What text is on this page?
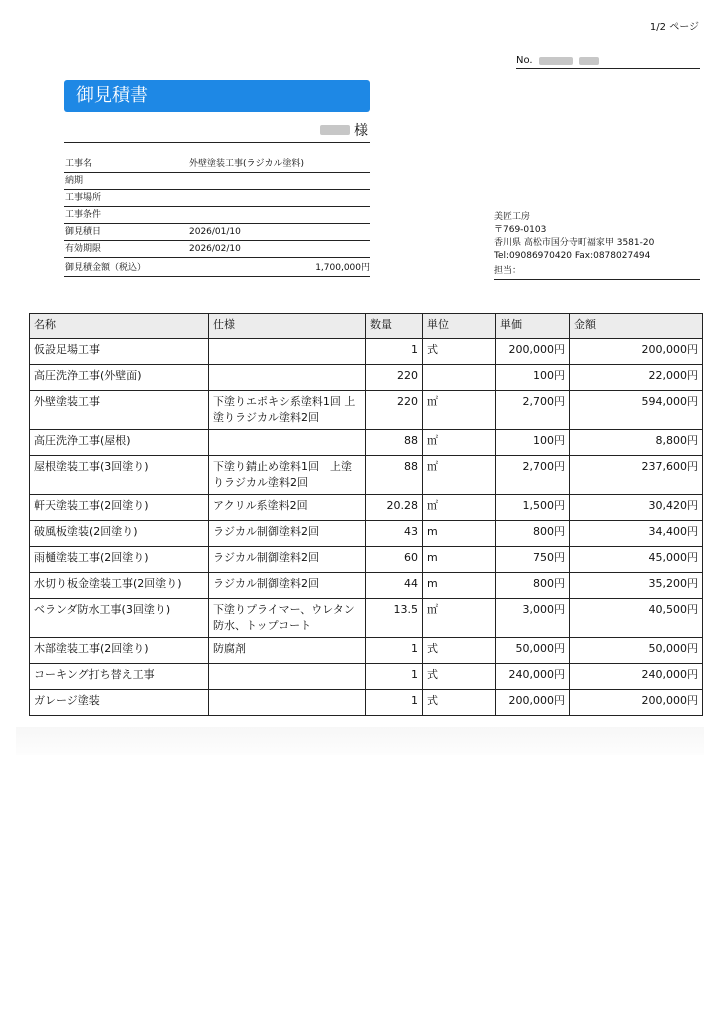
1/2 ページ
No.
御見積書
様
工事名	外壁塗装工事(ラジカル塗料)
納期
工事場所
工事条件
御見積日	2026/01/10
有効期限	2026/02/10
御見積金額（税込）	1,700,000円
美匠工房
〒769-0103
香川県 高松市国分寺町福家甲 3581-20
Tel:09086970420 Fax:0878027494
担当：
名称	仕様	数量	単位	単価	金額
仮設足場工事		1	式	200,000円	200,000円
高圧洗浄工事(外壁面)		220		100円	22,000円
外壁塗装工事	下塗りエポキシ系塗料1回 上塗りラジカル塗料2回	220	㎡	2,700円	594,000円
高圧洗浄工事(屋根)		88	㎡	100円	8,800円
屋根塗装工事(3回塗り)	下塗り錆止め塗料1回　上塗りラジカル塗料2回	88	㎡	2,700円	237,600円
軒天塗装工事(2回塗り)	アクリル系塗料2回	20.28	㎡	1,500円	30,420円
破風板塗装(2回塗り)	ラジカル制御塗料2回	43	m	800円	34,400円
雨樋塗装工事(2回塗り)	ラジカル制御塗料2回	60	m	750円	45,000円
水切り板金塗装工事(2回塗り)	ラジカル制御塗料2回	44	m	800円	35,200円
ベランダ防水工事(3回塗り)	下塗りプライマー、ウレタン防水、トップコート	13.5	㎡	3,000円	40,500円
木部塗装工事(2回塗り)	防腐剤	1	式	50,000円	50,000円
コーキング打ち替え工事		1	式	240,000円	240,000円
ガレージ塗装		1	式	200,000円	200,000円
